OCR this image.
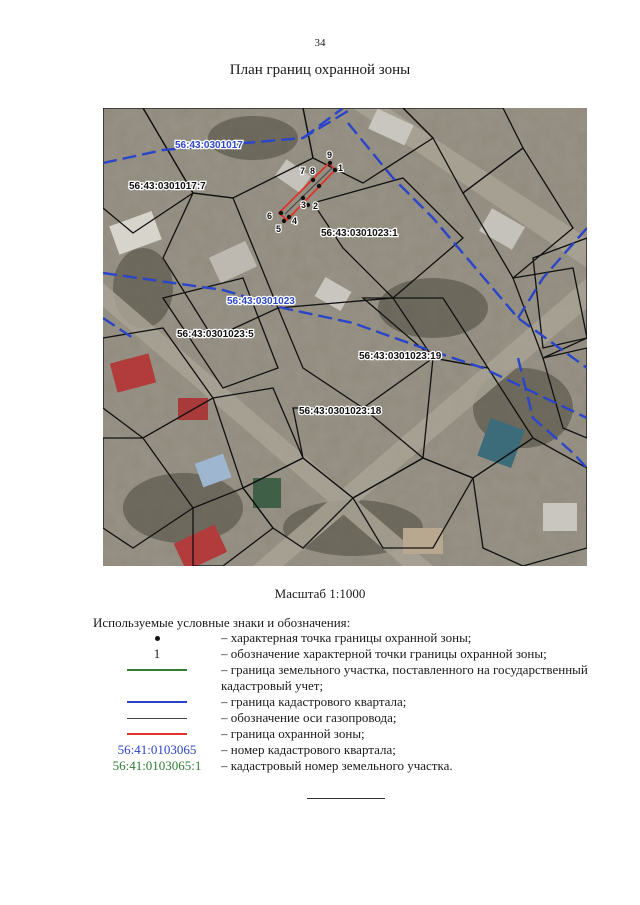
34
План границ охранной зоны
9
1
7 8
3 2
6 4
5
56:43:0301017
56:43:0301023
56:43:0301017:7
56:43:0301023:1
56:43:0301023:5
56:43:0301023:19
56:43:0301023:18
Масштаб 1:1000
Используемые условные знаки и обозначения:
– характерная точка границы охранной зоны;
1	– обозначение характерной точки границы охранной зоны;
– граница земельного участка, поставленного на государственный кадастровый учет;
– граница кадастрового квартала;
– обозначение оси газопровода;
– граница охранной зоны;
56:41:0103065 – номер кадастрового квартала;
56:41:0103065:1 – кадастровый номер земельного участка.
